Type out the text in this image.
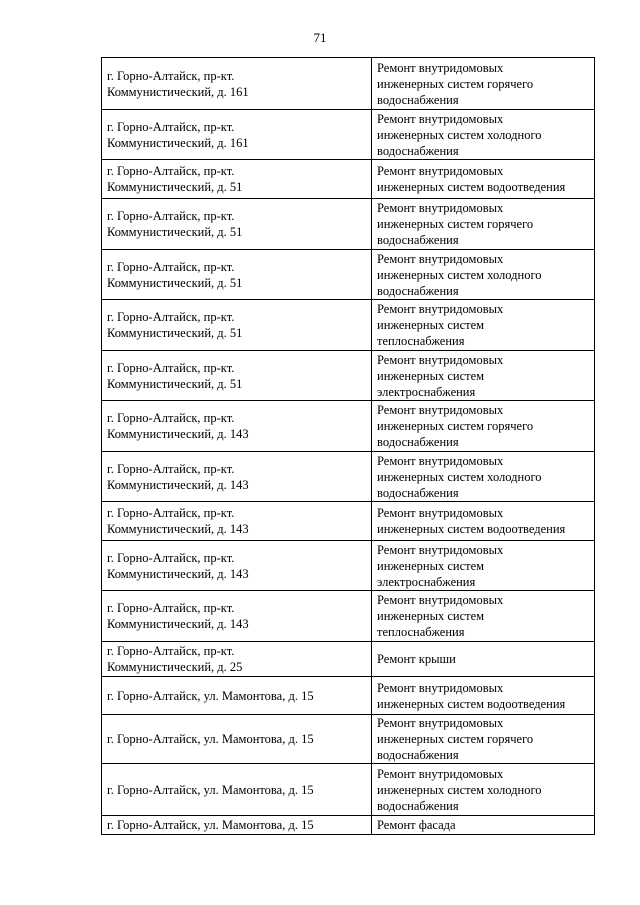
71
г. Горно-Алтайск, пр-кт.
Коммунистический, д. 161	Ремонт внутридомовых
инженерных систем горячего
водоснабжения

г. Горно-Алтайск, пр-кт.
Коммунистический, д. 161	Ремонт внутридомовых
инженерных систем холодного
водоснабжения

г. Горно-Алтайск, пр-кт.
Коммунистический, д. 51	Ремонт внутридомовых
инженерных систем водоотведения

г. Горно-Алтайск, пр-кт.
Коммунистический, д. 51	Ремонт внутридомовых
инженерных систем горячего
водоснабжения

г. Горно-Алтайск, пр-кт.
Коммунистический, д. 51	Ремонт внутридомовых
инженерных систем холодного
водоснабжения

г. Горно-Алтайск, пр-кт.
Коммунистический, д. 51	Ремонт внутридомовых
инженерных систем
теплоснабжения

г. Горно-Алтайск, пр-кт.
Коммунистический, д. 51	Ремонт внутридомовых
инженерных систем
электроснабжения

г. Горно-Алтайск, пр-кт.
Коммунистический, д. 143	Ремонт внутридомовых
инженерных систем горячего
водоснабжения

г. Горно-Алтайск, пр-кт.
Коммунистический, д. 143	Ремонт внутридомовых
инженерных систем холодного
водоснабжения

г. Горно-Алтайск, пр-кт.
Коммунистический, д. 143	Ремонт внутридомовых
инженерных систем водоотведения

г. Горно-Алтайск, пр-кт.
Коммунистический, д. 143	Ремонт внутридомовых
инженерных систем
электроснабжения

г. Горно-Алтайск, пр-кт.
Коммунистический, д. 143	Ремонт внутридомовых
инженерных систем
теплоснабжения

г. Горно-Алтайск, пр-кт.
Коммунистический, д. 25	Ремонт крыши

г. Горно-Алтайск, ул. Мамонтова, д. 15	Ремонт внутридомовых
инженерных систем водоотведения

г. Горно-Алтайск, ул. Мамонтова, д. 15	Ремонт внутридомовых
инженерных систем горячего
водоснабжения

г. Горно-Алтайск, ул. Мамонтова, д. 15	Ремонт внутридомовых
инженерных систем холодного
водоснабжения

г. Горно-Алтайск, ул. Мамонтова, д. 15	Ремонт фасада
